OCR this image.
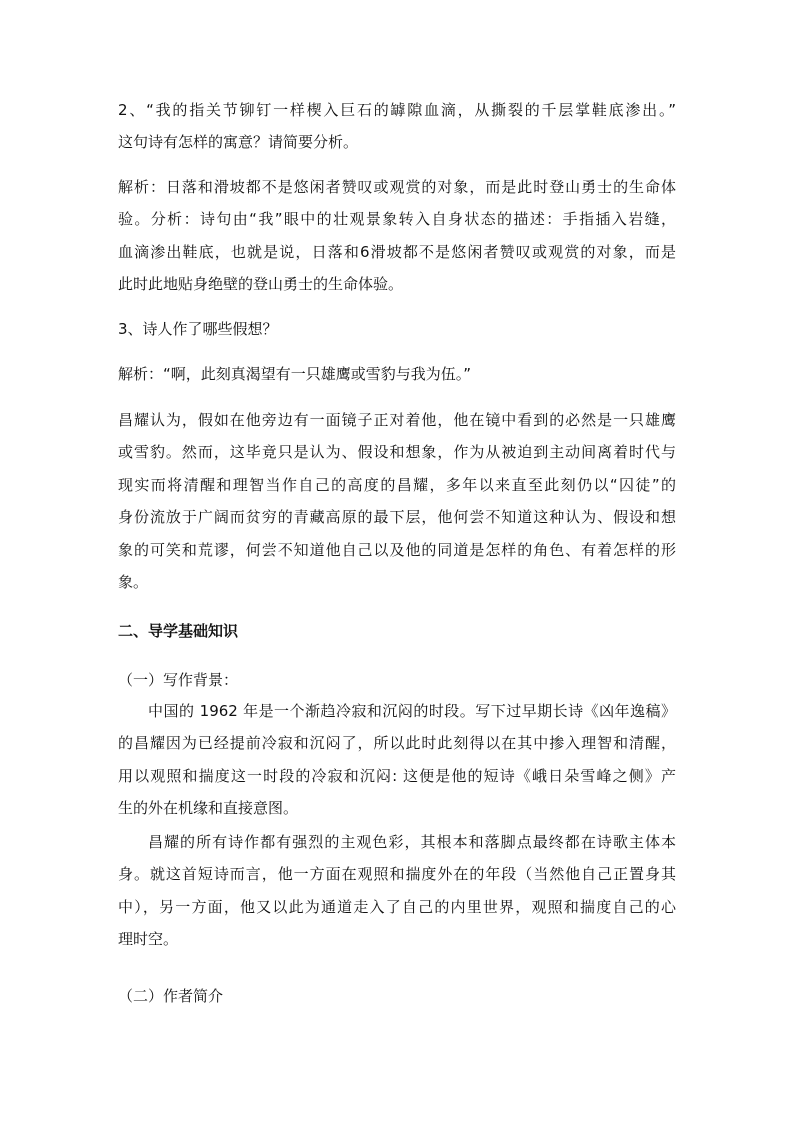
2、“我的指关节铆钉一样楔入巨石的罅隙血滴，从撕裂的千层掌鞋底渗出。”
这句诗有怎样的寓意？请简要分析。
解析：日落和滑坡都不是悠闲者赞叹或观赏的对象，而是此时登山勇士的生命体
验。分析：诗句由“我”眼中的壮观景象转入自身状态的描述：手指插入岩缝，
血滴渗出鞋底，也就是说，日落和6滑坡都不是悠闲者赞叹或观赏的对象，而是
此时此地贴身绝壁的登山勇士的生命体验。
3、诗人作了哪些假想？
解析：“啊，此刻真渴望有一只雄鹰或雪豹与我为伍。”
昌耀认为，假如在他旁边有一面镜子正对着他，他在镜中看到的必然是一只雄鹰
或雪豹。然而，这毕竟只是认为、假设和想象，作为从被迫到主动间离着时代与
现实而将清醒和理智当作自己的高度的昌耀，多年以来直至此刻仍以“囚徒”的
身份流放于广阔而贫穷的青藏高原的最下层，他何尝不知道这种认为、假设和想
象的可笑和荒谬，何尝不知道他自己以及他的同道是怎样的角色、有着怎样的形
象。
二、导学基础知识
（一）写作背景：
中国的 1962 年是一个渐趋冷寂和沉闷的时段。写下过早期长诗《凶年逸稿》
的昌耀因为已经提前冷寂和沉闷了，所以此时此刻得以在其中掺入理智和清醒，
用以观照和揣度这一时段的冷寂和沉闷: 这便是他的短诗《峨日朵雪峰之侧》产
生的外在机缘和直接意图。
昌耀的所有诗作都有强烈的主观色彩，其根本和落脚点最终都在诗歌主体本
身。就这首短诗而言，他一方面在观照和揣度外在的年段（当然他自己正置身其
中），另一方面，他又以此为通道走入了自己的内里世界，观照和揣度自己的心
理时空。
（二）作者简介
